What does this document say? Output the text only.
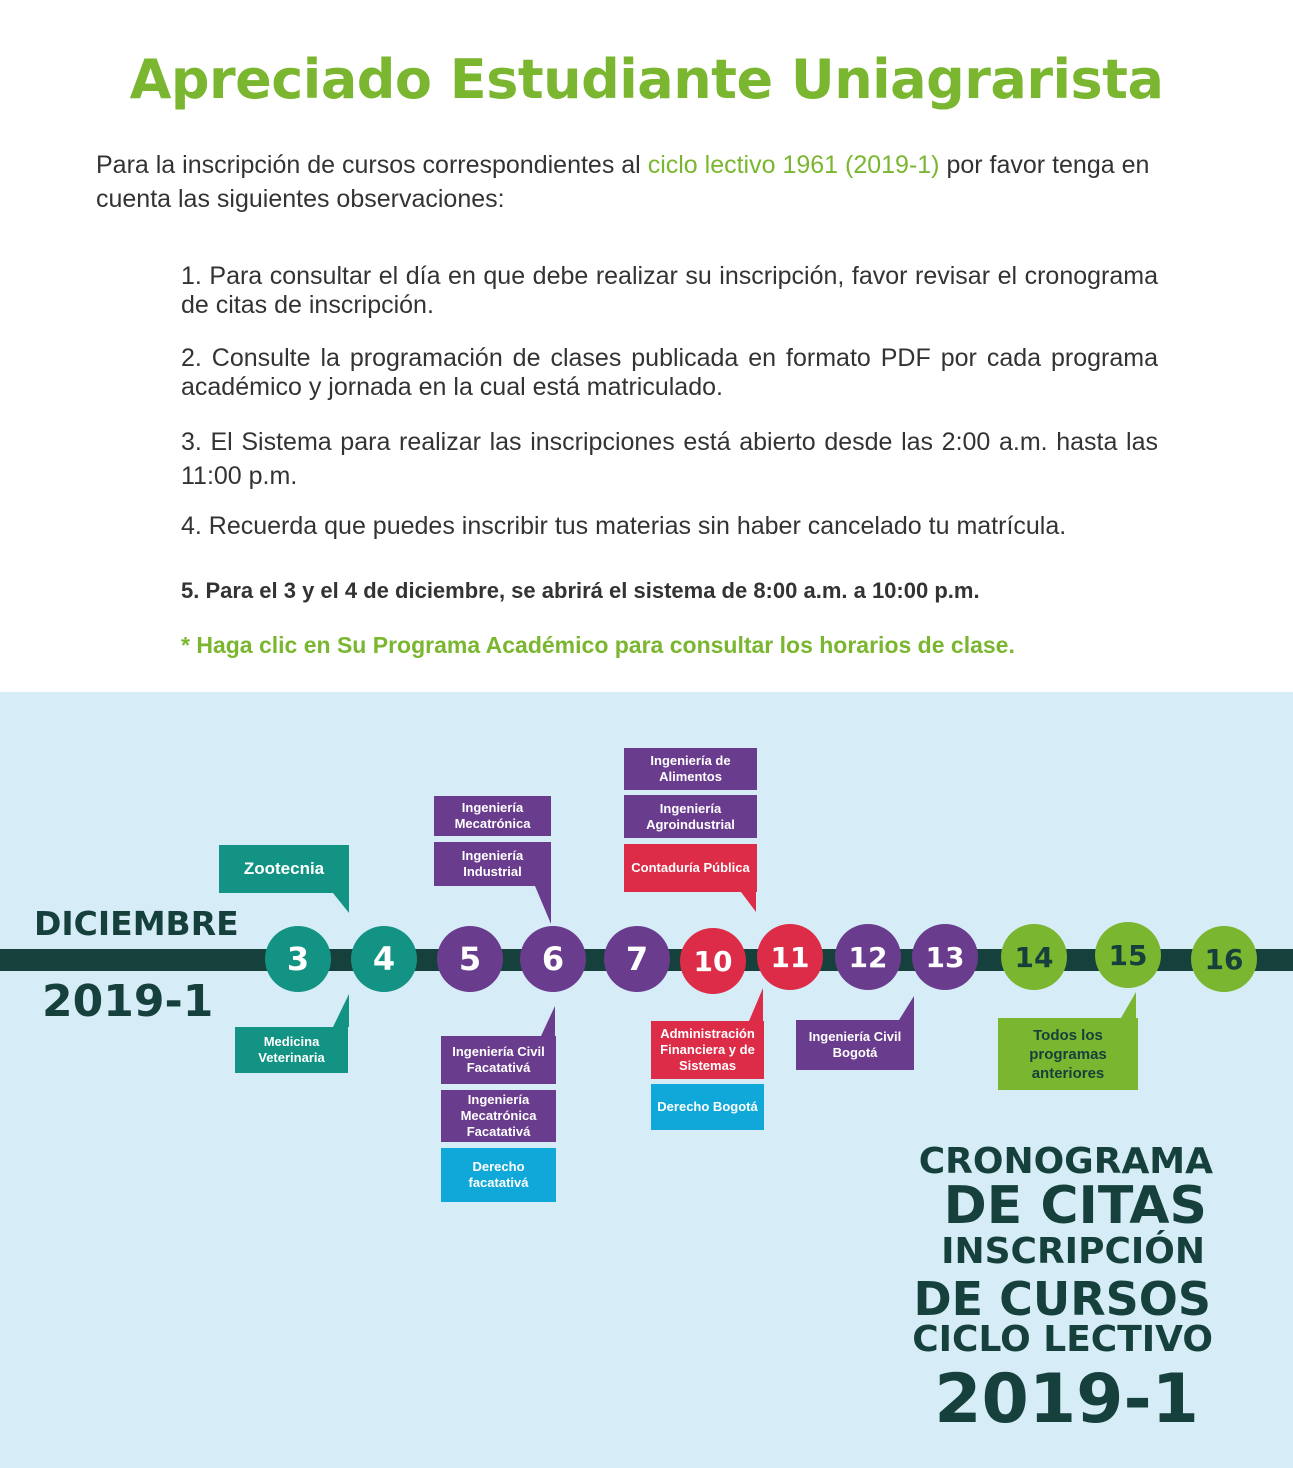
Apreciado Estudiante Uniagrarista
Para la inscripción de cursos correspondientes al ciclo lectivo 1961 (2019-1) por favor tenga en cuenta las siguientes observaciones:
1. Para consultar el día en que debe realizar su inscripción, favor revisar el cronograma de citas de inscripción.
2. Consulte la programación de clases publicada en formato PDF por cada programa académico y jornada en la cual está matriculado.
3. El Sistema para realizar las inscripciones está abierto desde las 2:00 a.m. hasta las 11:00 p.m.
4. Recuerda que puedes inscribir tus materias sin haber cancelado tu matrícula.
5. Para el 3 y el 4 de diciembre, se abrirá el sistema de 8:00 a.m. a 10:00 p.m.
* Haga clic en Su Programa Académico para consultar los horarios de clase.
DICIEMBRE
2019-1
3	4	5	6	7	10	11	12	13	14	15	16
Zootecnia
Medicina Veterinaria
Ingeniería Mecatrónica
Ingeniería Industrial
Ingeniería Civil Facatativá
Ingeniería Mecatrónica Facatativá
Derecho facatativá
Ingeniería de Alimentos
Ingeniería Agroindustrial
Contaduría Pública
Administración Financiera y de Sistemas
Derecho Bogotá
Ingeniería Civil Bogotá
Todos los programas anteriores
CRONOGRAMA
DE CITAS
INSCRIPCIÓN
DE CURSOS
CICLO LECTIVO
2019-1
